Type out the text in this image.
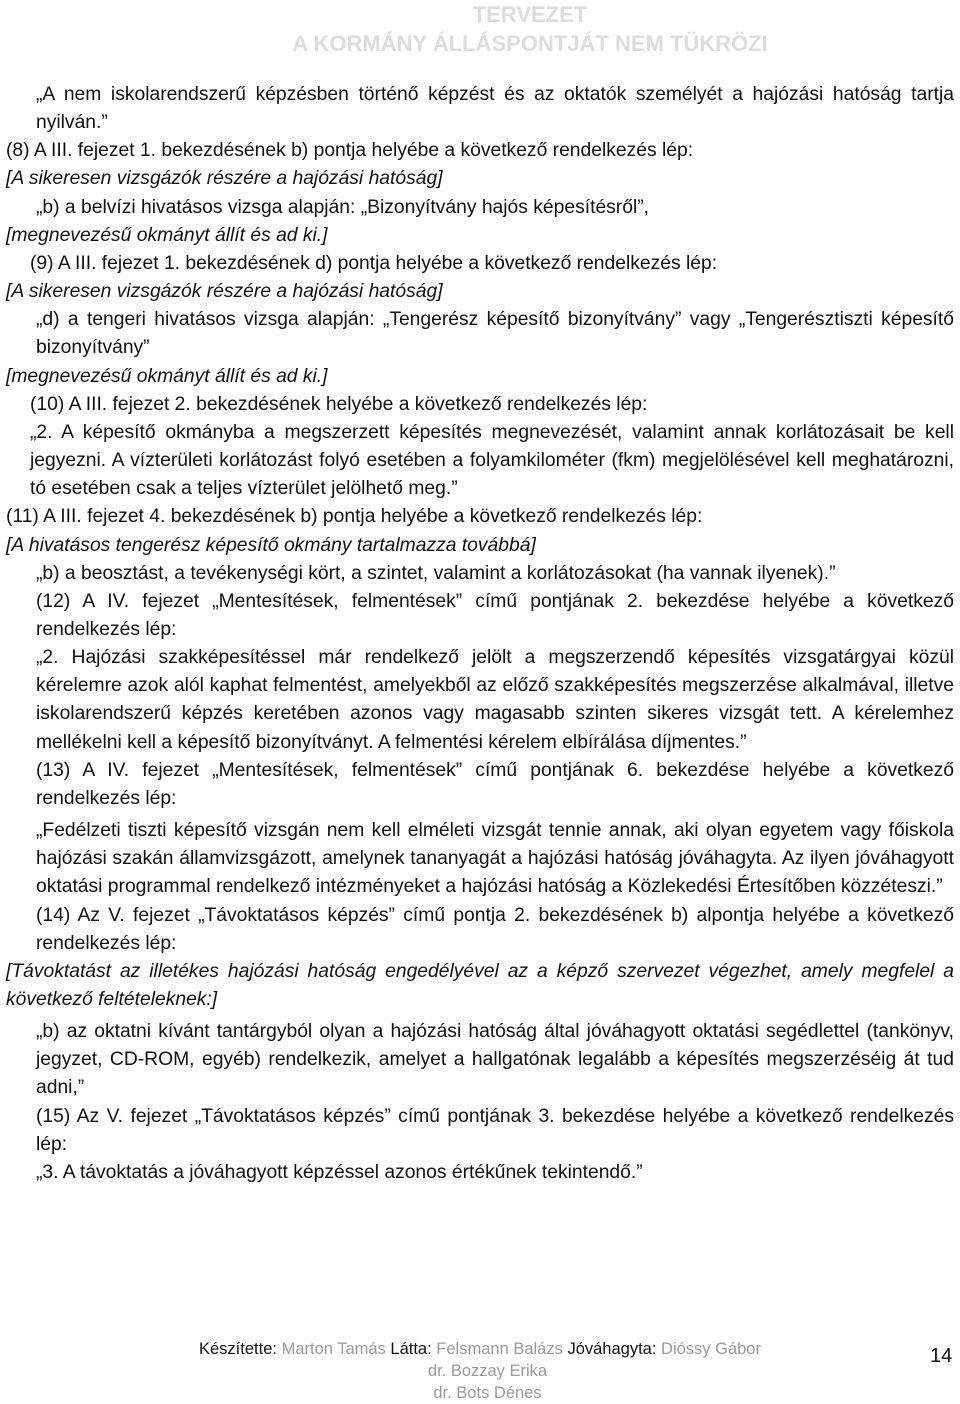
TERVEZET
A KORMÁNY ÁLLÁSPONTJÁT NEM TÜKRÖZI

„A nem iskolarendszerű képzésben történő képzést és az oktatók személyét a hajózási hatóság tartja nyilván.”

(8) A III. fejezet 1. bekezdésének b) pontja helyébe a következő rendelkezés lép:

[A sikeresen vizsgázók részére a hajózási hatóság]

„b) a belvízi hivatásos vizsga alapján: „Bizonyítvány hajós képesítésről”,

[megnevezésű okmányt állít és ad ki.]

(9) A III. fejezet 1. bekezdésének d) pontja helyébe a következő rendelkezés lép:

[A sikeresen vizsgázók részére a hajózási hatóság]

„d) a tengeri hivatásos vizsga alapján: „Tengerész képesítő bizonyítvány” vagy „Tengerésztiszti képesítő bizonyítvány”

[megnevezésű okmányt állít és ad ki.]

(10) A III. fejezet 2. bekezdésének helyébe a következő rendelkezés lép:

„2. A képesítő okmányba a megszerzett képesítés megnevezését, valamint annak korlátozásait be kell jegyezni. A vízterületi korlátozást folyó esetében a folyamkilométer (fkm) megjelölésével kell meghatározni, tó esetében csak a teljes vízterület jelölhető meg.”

(11) A III. fejezet 4. bekezdésének b) pontja helyébe a következő rendelkezés lép:

[A hivatásos tengerész képesítő okmány tartalmazza továbbá]

„b) a beosztást, a tevékenységi kört, a szintet, valamint a korlátozásokat (ha vannak ilyenek).”

(12) A IV. fejezet „Mentesítések, felmentések” című pontjának 2. bekezdése helyébe a következő rendelkezés lép:

„2. Hajózási szakképesítéssel már rendelkező jelölt a megszerzendő képesítés vizsgatárgyai közül kérelemre azok alól kaphat felmentést, amelyekből az előző szakképesítés megszerzése alkalmával, illetve iskolarendszerű képzés keretében azonos vagy magasabb szinten sikeres vizsgát tett. A kérelemhez mellékelni kell a képesítő bizonyítványt. A felmentési kérelem elbírálása díjmentes.”

(13) A IV. fejezet „Mentesítések, felmentések” című pontjának 6. bekezdése helyébe a következő rendelkezés lép:

„Fedélzeti tiszti képesítő vizsgán nem kell elméleti vizsgát tennie annak, aki olyan egyetem vagy főiskola hajózási szakán államvizsgázott, amelynek tananyagát a hajózási hatóság jóváhagyta. Az ilyen jóváhagyott oktatási programmal rendelkező intézményeket a hajózási hatóság a Közlekedési Értesítőben közzéteszi.”

(14) Az V. fejezet „Távoktatásos képzés” című pontja 2. bekezdésének b) alpontja helyébe a következő rendelkezés lép:

[Távoktatást az illetékes hajózási hatóság engedélyével az a képző szervezet végezhet, amely megfelel a következő feltételeknek:]

„b) az oktatni kívánt tantárgyból olyan a hajózási hatóság által jóváhagyott oktatási segédlettel (tankönyv, jegyzet, CD-ROM, egyéb) rendelkezik, amelyet a hallgatónak legalább a képesítés megszerzéséig át tud adni,”

(15) Az V. fejezet „Távoktatásos képzés” című pontjának 3. bekezdése helyébe a következő rendelkezés lép:

„3. A távoktatás a jóváhagyott képzéssel azonos értékűnek tekintendő.”

Készítette: Marton Tamás Látta: Felsmann Balázs Jóváhagyta: Dióssy Gábor
dr. Bozzay Erika
dr. Bots Dénes
14
